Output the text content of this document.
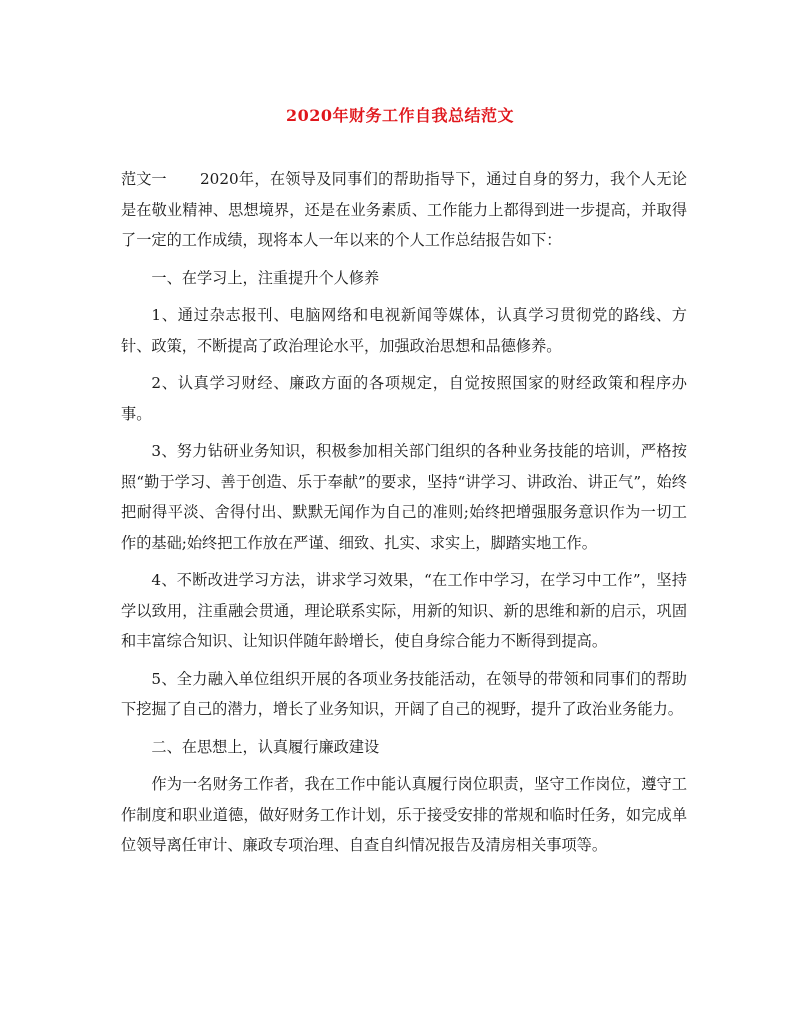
2020年财务工作自我总结范文

范文一 2020年，在领导及同事们的帮助指导下，通过自身的努力，我个人无论是在敬业精神、思想境界，还是在业务素质、工作能力上都得到进一步提高，并取得了一定的工作成绩，现将本人一年以来的个人工作总结报告如下：

一、在学习上，注重提升个人修养

1、通过杂志报刊、电脑网络和电视新闻等媒体，认真学习贯彻党的路线、方针、政策，不断提高了政治理论水平，加强政治思想和品德修养。

2、认真学习财经、廉政方面的各项规定，自觉按照国家的财经政策和程序办事。

3、努力钻研业务知识，积极参加相关部门组织的各种业务技能的培训，严格按照“勤于学习、善于创造、乐于奉献”的要求，坚持“讲学习、讲政治、讲正气”，始终把耐得平淡、舍得付出、默默无闻作为自己的准则;始终把增强服务意识作为一切工作的基础;始终把工作放在严谨、细致、扎实、求实上，脚踏实地工作。

4、不断改进学习方法，讲求学习效果，“在工作中学习，在学习中工作”，坚持学以致用，注重融会贯通，理论联系实际，用新的知识、新的思维和新的启示，巩固和丰富综合知识、让知识伴随年龄增长，使自身综合能力不断得到提高。

5、全力融入单位组织开展的各项业务技能活动，在领导的带领和同事们的帮助下挖掘了自己的潜力，增长了业务知识，开阔了自己的视野，提升了政治业务能力。

二、在思想上，认真履行廉政建设

作为一名财务工作者，我在工作中能认真履行岗位职责，坚守工作岗位，遵守工作制度和职业道德，做好财务工作计划，乐于接受安排的常规和临时任务，如完成单位领导离任审计、廉政专项治理、自查自纠情况报告及清房相关事项等。
